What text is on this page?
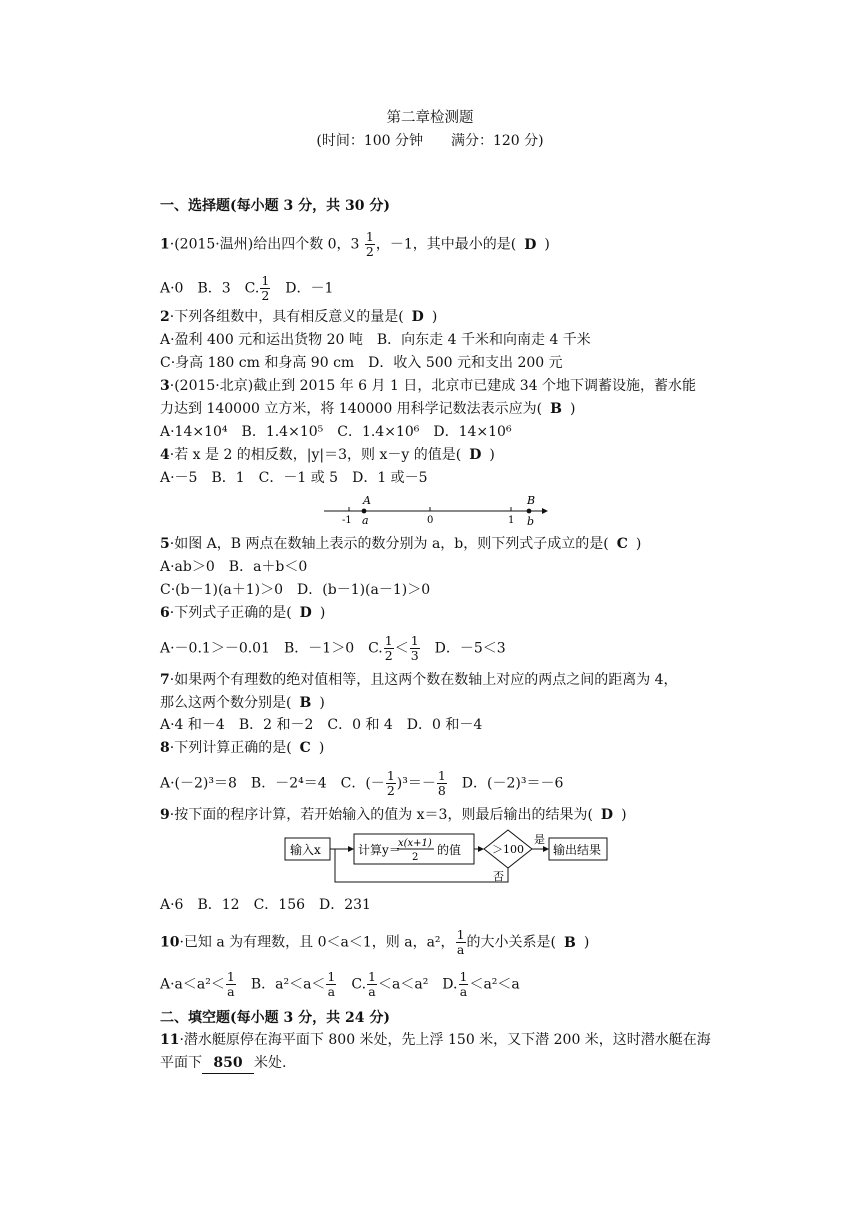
第二章检测题
(时间：100 分钟　　满分：120 分)
一、选择题(每小题 3 分，共 30 分)
1·(2015·温州)给出四个数 0，$3 \frac{1}{2}$ ，－1，其中最小的是( D )
A·0　B．3　C. $\frac{1}{2}$ 　D．－1
2·下列各组数中，具有相反意义的量是( D )
A·盈利 400 元和运出货物 20 吨　B．向东走 4 千米和向南走 4 千米
C·身高 180 cm 和身高 90 cm　D．收入 500 元和支出 200 元
3·(2015·北京)截止到 2015 年 6 月 1 日，北京市已建成 34 个地下调蓄设施，蓄水能
力达到 140000 立方米，将 140000 用科学记数法表示应为( B )
A·14×10⁴　B．1.4×10⁵　C．1.4×10⁶　D．14×10⁶
4·若 x 是 2 的相反数，|y|＝3，则 x－y 的值是( D )
A·－5　B．1　C．－1 或 5　D．1 或－5
-1	0	1
A
a
B
b
5·如图 A，B 两点在数轴上表示的数分别为 a，b，则下列式子成立的是( C )
A·ab＞0　B．a＋b＜0
C·(b－1)(a＋1)＞0　D．(b－1)(a－1)＞0
6·下列式子正确的是( D )
A·－0.1＞－0.01　B．－1＞0　C. $\frac{1}{2} < \frac{1}{3}$ 　D．－5＜3
7·如果两个有理数的绝对值相等，且这两个数在数轴上对应的两点之间的距离为 4，
那么这两个数分别是( B )
A·4 和－4　B．2 和－2　C．0 和 4　D．0 和－4
8·下列计算正确的是( C )
A·(－2)³＝8　B．－2⁴＝4　C．(－ $\frac{1}{2} )^3=- \frac{1}{8}$ 　D．(－2)³＝－6
9·按下面的程序计算，若开始输入的值为 x＝3，则最后输出的结果为( D )
输入x	计算y＝
x(x+1)
2
的值	＞100
是
输出结果
否
A·6　B．12　C．156　D．231
10·已知 a 为有理数，且 0＜a＜1，则 a，a²， $\frac{1}{a}$ 的大小关系是( B )
$A\cdot a<a^2< \frac{1}{a}$ 　B．$a^2<a< \frac{1}{a}$ 　C. $\frac{1}{a} <a<a^2$　D. $\frac{1}{a} <a^2<a$
二、填空题(每小题 3 分，共 24 分)
11·潜水艇原停在海平面下 800 米处，先上浮 150 米，又下潜 200 米，这时潜水艇在海
平面下 850 米处.
